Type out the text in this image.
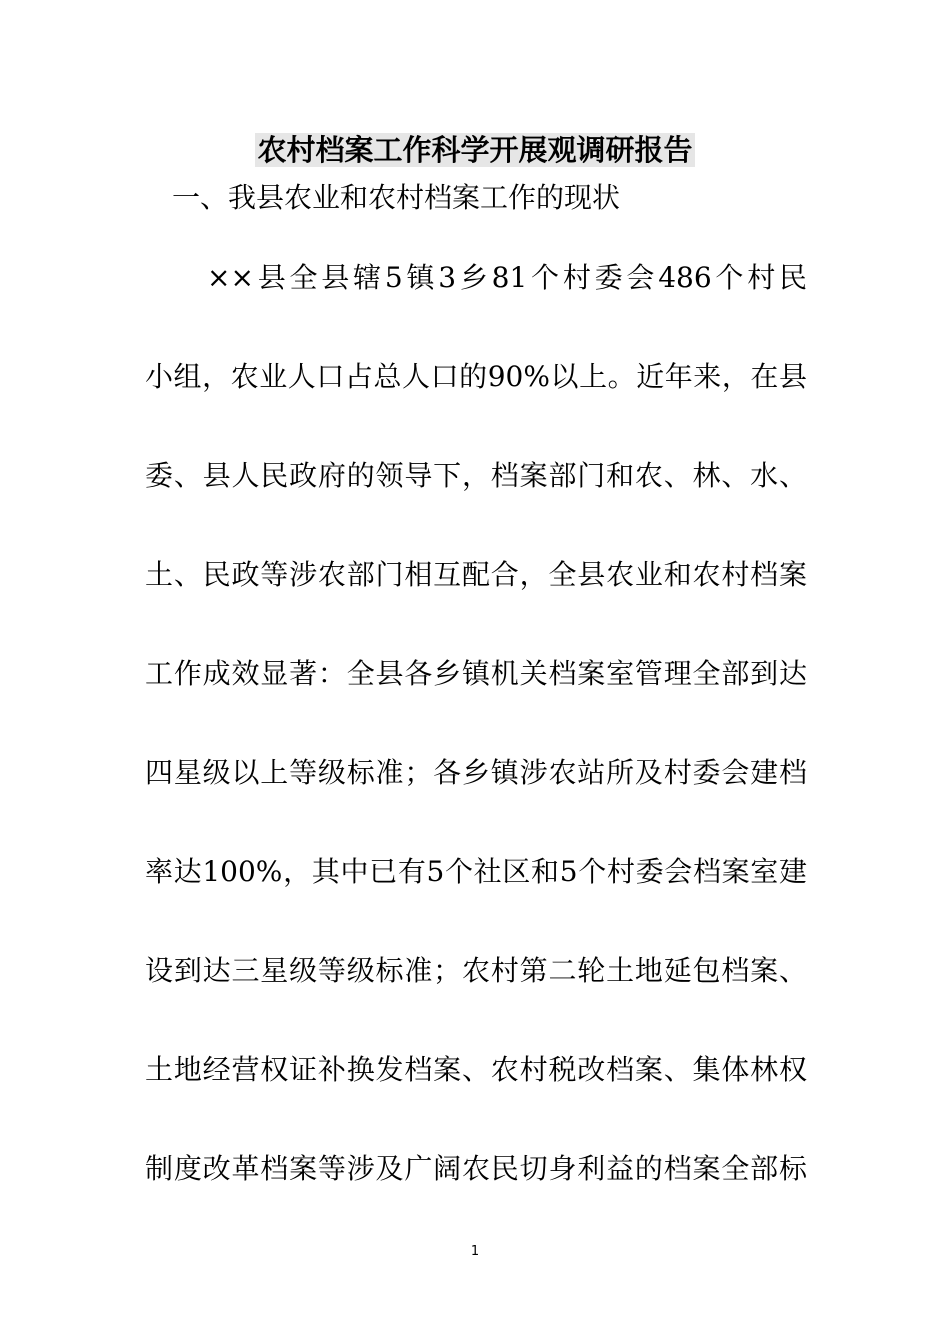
农村档案工作科学开展观调研报告
一、我县农业和农村档案工作的现状
××县全县辖5镇3乡81个村委会486个村民
小组，农业人口占总人口的90%以上。近年来，在县
委、县人民政府的领导下，档案部门和农、林、水、
土、民政等涉农部门相互配合，全县农业和农村档案
工作成效显著：全县各乡镇机关档案室管理全部到达
四星级以上等级标准；各乡镇涉农站所及村委会建档
率达100%，其中已有5个社区和5个村委会档案室建
设到达三星级等级标准；农村第二轮土地延包档案、
土地经营权证补换发档案、农村税改档案、集体林权
制度改革档案等涉及广阔农民切身利益的档案全部标
1
